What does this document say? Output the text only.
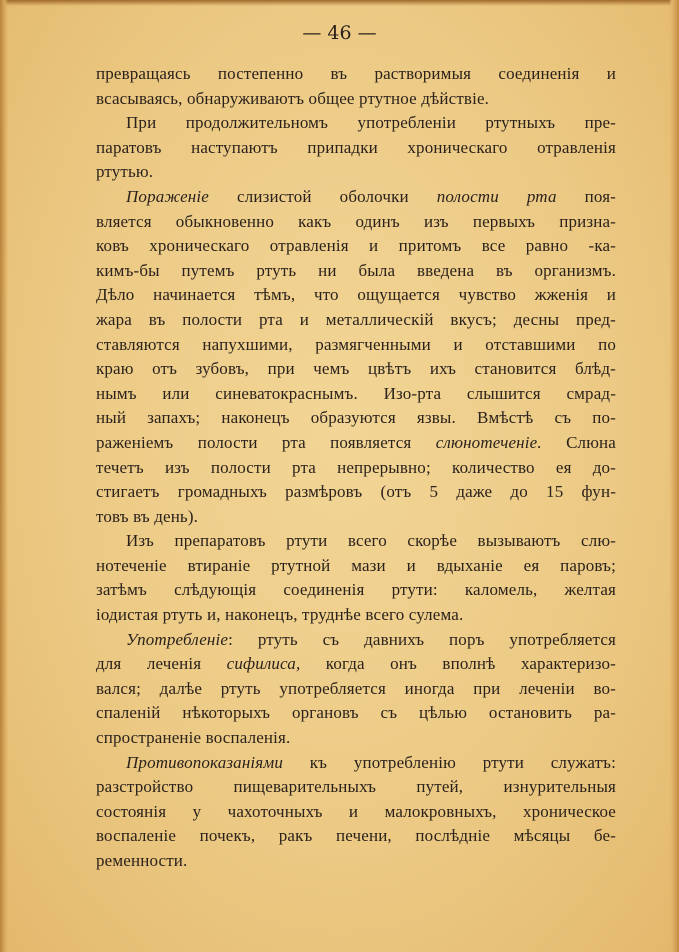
— 46 —
превращаясь постепенно въ растворимыя соединенія и
всасываясь, обнаруживаютъ общее ртутное дѣйствіе.
При продолжительномъ употребленіи ртутныхъ пре-
паратовъ наступаютъ припадки хроническаго отравленія
ртутью.
Пораженіе слизистой оболочки полости рта поя-
вляется обыкновенно какъ одинъ изъ первыхъ призна-
ковъ хроническаго отравленія и притомъ все равно -ка-
кимъ-бы путемъ ртуть ни была введена въ организмъ.
Дѣло начинается тѣмъ, что ощущается чувство жженія и
жара въ полости рта и металлическій вкусъ; десны пред-
ставляются напухшими, размягченными и отставшими по
краю отъ зубовъ, при чемъ цвѣтъ ихъ становится блѣд-
нымъ или синеватокраснымъ. Изо-рта слышится смрад-
ный запахъ; наконецъ образуются язвы. Вмѣстѣ съ по-
раженіемъ полости рта появляется слюнотеченіе. Слюна
течетъ изъ полости рта непрерывно; количество ея до-
стигаетъ громадныхъ размѣровъ (отъ 5 даже до 15 фун-
товъ въ день).
Изъ препаратовъ ртути всего скорѣе вызываютъ слю-
нотеченіе втираніе ртутной мази и вдыханіе ея паровъ;
затѣмъ слѣдующія соединенія ртути: каломель, желтая
іодистая ртуть и, наконецъ, труднѣе всего сулема.
Употребленіе: ртуть съ давнихъ поръ употребляется
для леченія сифилиса, когда онъ вполнѣ характеризо-
вался; далѣе ртуть употребляется иногда при леченіи во-
спаленій нѣкоторыхъ органовъ съ цѣлью остановить ра-
спространеніе воспаленія.
Противопоказаніями къ употребленію ртути служатъ:
разстройство пищеварительныхъ путей, изнурительныя
состоянія у чахоточныхъ и малокровныхъ, хроническое
воспаленіе почекъ, ракъ печени, послѣдніе мѣсяцы бе-
ременности.
